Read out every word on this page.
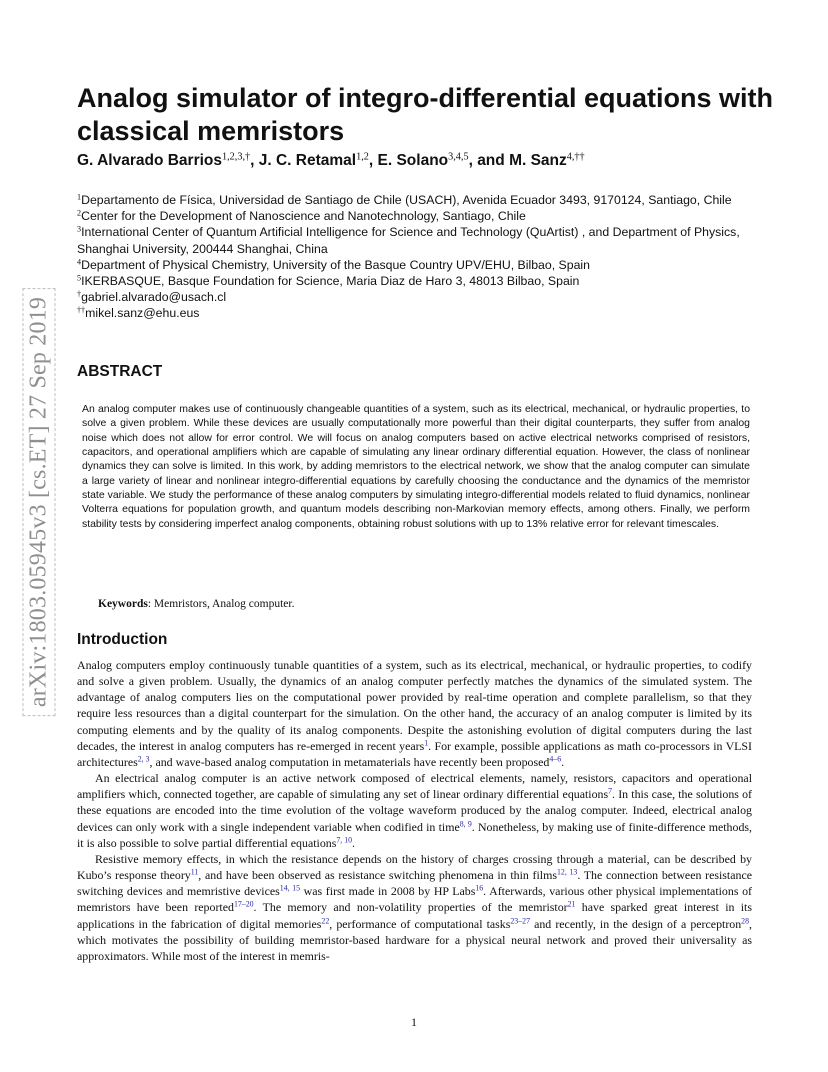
arXiv:1803.05945v3 [cs.ET] 27 Sep 2019
Analog simulator of integro-differential equations with classical memristors
G. Alvarado Barrios$^{1,2,3,\dagger}$, J. C. Retamal$^{1,2}$, E. Solano$^{3,4,5}$, and M. Sanz$^{4,\dagger\dagger}$
$^1$Departamento de Física, Universidad de Santiago de Chile (USACH), Avenida Ecuador 3493, 9170124, Santiago, Chile
$^2$Center for the Development of Nanoscience and Nanotechnology, Santiago, Chile
$^3$International Center of Quantum Artificial Intelligence for Science and Technology (QuArtist) , and Department of Physics, Shanghai University, 200444 Shanghai, China
$^4$Department of Physical Chemistry, University of the Basque Country UPV/EHU, Bilbao, Spain
$^5$IKERBASQUE, Basque Foundation for Science, Maria Diaz de Haro 3, 48013 Bilbao, Spain
†gabriel.alvarado@usach.cl
††mikel.sanz@ehu.eus
ABSTRACT

An analog computer makes use of continuously changeable quantities of a system, such as its electrical, mechanical, or hydraulic properties, to solve a given problem. While these devices are usually computationally more powerful than their digital counterparts, they suffer from analog noise which does not allow for error control. We will focus on analog computers based on active electrical networks comprised of resistors, capacitors, and operational amplifiers which are capable of simulating any linear ordinary differential equation. However, the class of nonlinear dynamics they can solve is limited. In this work, by adding memristors to the electrical network, we show that the analog computer can simulate a large variety of linear and nonlinear integro-differential equations by carefully choosing the conductance and the dynamics of the memristor state variable. We study the performance of these analog computers by simulating integro-differential models related to fluid dynamics, nonlinear Volterra equations for population growth, and quantum models describing non-Markovian memory effects, among others. Finally, we perform stability tests by considering imperfect analog components, obtaining robust solutions with up to 13% relative error for relevant timescales.

Keywords: Memristors, Analog computer.
Introduction

Analog computers employ continuously tunable quantities of a system, such as its electrical, mechanical, or hydraulic properties, to codify and solve a given problem. Usually, the dynamics of an analog computer perfectly matches the dynamics of the simulated system. The advantage of analog computers lies on the computational power provided by real-time operation and complete parallelism, so that they require less resources than a digital counterpart for the simulation. On the other hand, the accuracy of an analog computer is limited by its computing elements and by the quality of its analog components. Despite the astonishing evolution of digital computers during the last decades, the interest in analog computers has re-emerged in recent years$^1$. For example, possible applications as math co-processors in VLSI architectures$^{2, 3}$, and wave-based analog computation in metamaterials have recently been proposed$^{4-6}$.

An electrical analog computer is an active network composed of electrical elements, namely, resistors, capacitors and operational amplifiers which, connected together, are capable of simulating any set of linear ordinary differential equations$^7$. In this case, the solutions of these equations are encoded into the time evolution of the voltage waveform produced by the analog computer. Indeed, electrical analog devices can only work with a single independent variable when codified in time$^{8, 9}$. Nonetheless, by making use of finite-difference methods, it is also possible to solve partial differential equations$^{7, 10}$.

Resistive memory effects, in which the resistance depends on the history of charges crossing through a material, can be described by Kubo’s response theory$^{11}$, and have been observed as resistance switching phenomena in thin films$^{12, 13}$. The connection between resistance switching devices and memristive devices$^{14, 15}$ was first made in 2008 by HP Labs$^{16}$. Afterwards, various other physical implementations of memristors have been reported$^{17-20}$. The memory and non-volatility properties of the memristor$^{21}$ have sparked great interest in its applications in the fabrication of digital memories$^{22}$, performance of computational tasks$^{23-27}$ and recently, in the design of a perceptron$^{28}$, which motivates the possibility of building memristor-based hardware for a physical neural network and proved their universality as approximators. While most of the interest in memris-

1
